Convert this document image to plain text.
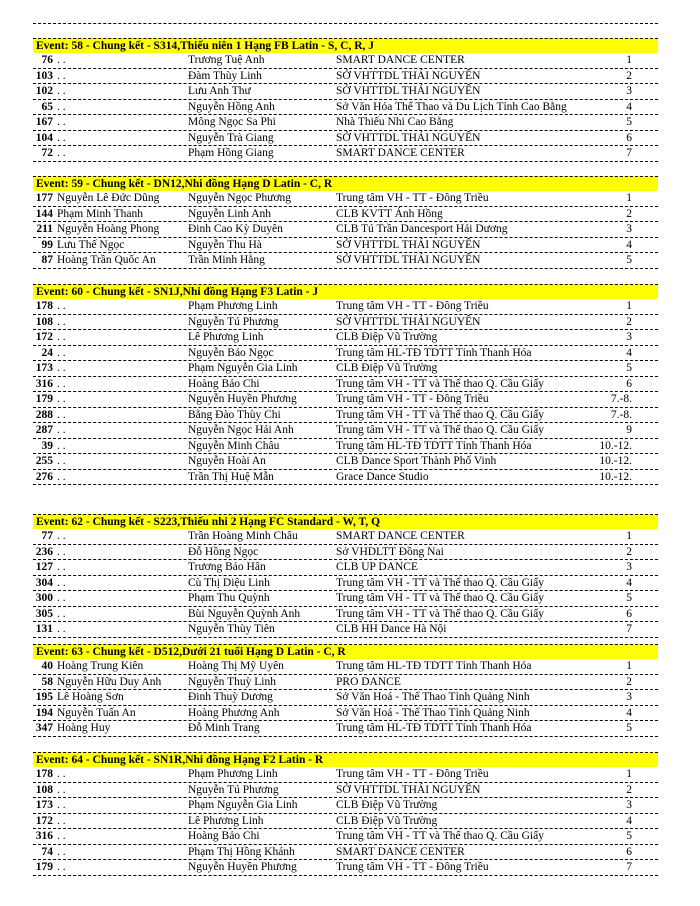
Event: 58 - Chung kết - S314,Thiếu niên 1 Hạng FB Latin - S, C, R, J
76 . .	Trương Tuệ Anh	SMART DANCE CENTER	1
103 . .	Đàm Thùy Linh	SỞ VHTTDL THÁI NGUYÊN	2
102 . .	Lưu Anh Thư	SỞ VHTTDL THÁI NGUYÊN	3
65 . .	Nguyễn Hồng Anh	Sở Văn Hóa Thể Thao và Du Lịch Tỉnh Cao Bằng	4
167 . .	Mông Ngọc Sa Phi	Nhà Thiếu Nhi Cao Bằng	5
104 . .	Nguyễn Trà Giang	SỞ VHTTDL THÁI NGUYÊN	6
72 . .	Phạm Hồng Giang	SMART DANCE CENTER	7
Event: 59 - Chung kết - DN12,Nhi đồng Hạng D Latin - C, R
177 Nguyễn Lê Đức Dũng	Nguyễn Ngọc Phương	Trung tâm VH - TT - Đông Triều	1
144 Phạm Minh Thanh	Nguyễn Linh Anh	CLB KVTT Ánh Hồng	2
211 Nguyễn Hoàng Phong	Đinh Cao Kỳ Duyên	CLB Tú Trần Dancesport Hải Dương	3
99 Lưu Thế Ngọc	Nguyễn Thu Hà	SỞ VHTTDL THÁI NGUYÊN	4
87 Hoàng Trần Quốc An	Trần Minh Hằng	SỞ VHTTDL THÁI NGUYÊN	5
Event: 60 - Chung kết - SN1J,Nhi đồng Hạng F3 Latin - J
178 . .	Phạm Phương Linh	Trung tâm VH - TT - Đông Triều	1
108 . .	Nguyễn Tú Phương	SỞ VHTTDL THÁI NGUYÊN	2
172 . .	Lê Phương Linh	CLB Điệp Vũ Trường	3
24 . .	Nguyễn Bảo Ngọc	Trung tâm HL-TĐ TDTT Tỉnh Thanh Hóa	4
173 . .	Phạm Nguyễn Gia Linh	CLB Điệp Vũ Trường	5
316 . .	Hoàng Bảo Chi	Trung tâm VH - TT và Thể thao Q. Cầu Giấy	6
179 . .	Nguyễn Huyền Phương	Trung tâm VH - TT - Đông Triều	7.-8.
288 . .	Bằng Đào Thùy Chi	Trung tâm VH - TT và Thể thao Q. Cầu Giấy	7.-8.
287 . .	Nguyễn Ngọc Hải Anh	Trung tâm VH - TT và Thể thao Q. Cầu Giấy	9
39 . .	Nguyễn Minh Châu	Trung tâm HL-TĐ TDTT Tỉnh Thanh Hóa	10.-12.
255 . .	Nguyễn Hoài An	CLB Dance Sport Thành Phố Vinh	10.-12.
276 . .	Trần Thị Huệ Mẫn	Grace Dance Studio	10.-12.
Event: 62 - Chung kết - S223,Thiếu nhi 2 Hạng FC Standard - W, T, Q
77 . .	Trần Hoàng Minh Châu	SMART DANCE CENTER	1
236 . .	Đỗ Hồng Ngọc	Sở VHDLTT Đồng Nai	2
127 . .	Trương Bảo Hân	CLB UP DANCE	3
304 . .	Cù Thị Diệu Linh	Trung tâm VH - TT và Thể thao Q. Cầu Giấy	4
300 . .	Phạm Thu Quỳnh	Trung tâm VH - TT và Thể thao Q. Cầu Giấy	5
305 . .	Bùi Nguyễn Quỳnh Anh	Trung tâm VH - TT và Thể thao Q. Cầu Giấy	6
131 . .	Nguyễn Thùy Tiên	CLB HH Dance Hà Nội	7
Event: 63 - Chung kết - D512,Dưới 21 tuổi Hạng D Latin - C, R
40 Hoàng Trung Kiên	Hoàng Thị Mỹ Uyên	Trung tâm HL-TĐ TDTT Tỉnh Thanh Hóa	1
58 Nguyễn Hữu Duy Anh	Nguyễn Thuỳ Linh	PRO DANCE	2
195 Lê Hoàng Sơn	Đinh Thuỳ Dương	Sở Văn Hoá - Thể Thao Tỉnh Quảng Ninh	3
194 Nguyễn Tuấn An	Hoàng Phương Anh	Sở Văn Hoá - Thể Thao Tỉnh Quảng Ninh	4
347 Hoàng Huy	Đỗ Minh Trang	Trung tâm HL-TĐ TDTT Tỉnh Thanh Hóa	5
Event: 64 - Chung kết - SN1R,Nhi đồng Hạng F2 Latin - R
178 . .	Phạm Phương Linh	Trung tâm VH - TT - Đông Triều	1
108 . .	Nguyễn Tú Phương	SỞ VHTTDL THÁI NGUYÊN	2
173 . .	Phạm Nguyễn Gia Linh	CLB Điệp Vũ Trường	3
172 . .	Lê Phương Linh	CLB Điệp Vũ Trường	4
316 . .	Hoàng Bảo Chi	Trung tâm VH - TT và Thể thao Q. Cầu Giấy	5
74 . .	Phạm Thị Hồng Khánh	SMART DANCE CENTER	6
179 . .	Nguyễn Huyền Phương	Trung tâm VH - TT - Đông Triều	7
